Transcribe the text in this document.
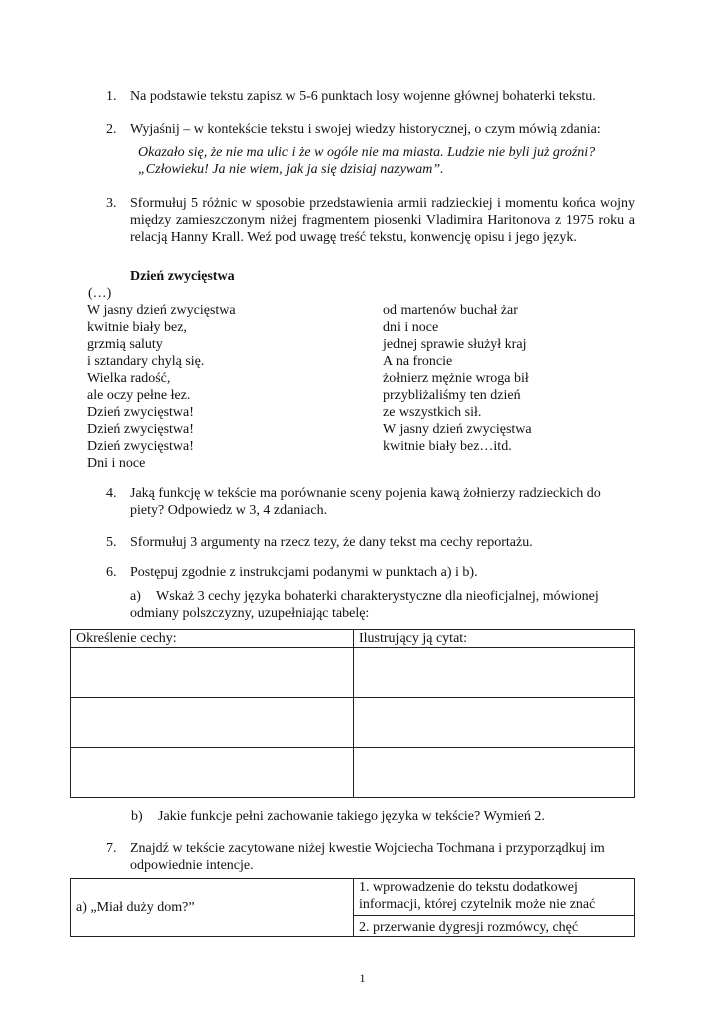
1. Na podstawie tekstu zapisz w 5-6 punktach losy wojenne głównej bohaterki tekstu.
2. Wyjaśnij – w kontekście tekstu i swojej wiedzy historycznej, o czym mówią zdania:
Okazało się, że nie ma ulic i że w ogóle nie ma miasta. Ludzie nie byli już groźni?
„Człowieku! Ja nie wiem, jak ja się dzisiaj nazywam”.
3. Sformułuj 5 różnic w sposobie przedstawienia armii radzieckiej i momentu końca wojny między zamieszczonym niżej fragmentem piosenki Vladimira Haritonova z 1975 roku a relacją Hanny Krall. Weź pod uwagę treść tekstu, konwencję opisu i jego język.
Dzień zwycięstwa
(…)
W jasny dzień zwycięstwa
kwitnie biały bez,
grzmią saluty
i sztandary chylą się.
Wielka radość,
ale oczy pełne łez.
Dzień zwycięstwa!
Dzień zwycięstwa!
Dzień zwycięstwa!
Dni i noce
od martenów buchał żar
dni i noce
jednej sprawie służył kraj
A na froncie
żołnierz mężnie wroga bił
przybliżaliśmy ten dzień
ze wszystkich sił.
W jasny dzień zwycięstwa
kwitnie biały bez…itd.
4. Jaką funkcję w tekście ma porównanie sceny pojenia kawą żołnierzy radzieckich do piety? Odpowiedz w 3, 4 zdaniach.
5. Sformułuj 3 argumenty na rzecz tezy, że dany tekst ma cechy reportażu.
6. Postępuj zgodnie z instrukcjami podanymi w punktach a) i b).
a)	Wskaż 3 cechy języka bohaterki charakterystyczne dla nieoficjalnej, mówionej odmiany polszczyzny, uzupełniając tabelę:
Określenie cechy:	Ilustrujący ją cytat:

b) Jakie funkcje pełni zachowanie takiego języka w tekście? Wymień 2.
7. Znajdź w tekście zacytowane niżej kwestie Wojciecha Tochmana i przyporządkuj im odpowiednie intencje.
a) „Miał duży dom?”	1. wprowadzenie do tekstu dodatkowej informacji, której czytelnik może nie znać
2. przerwanie dygresji rozmówcy, chęć
1
